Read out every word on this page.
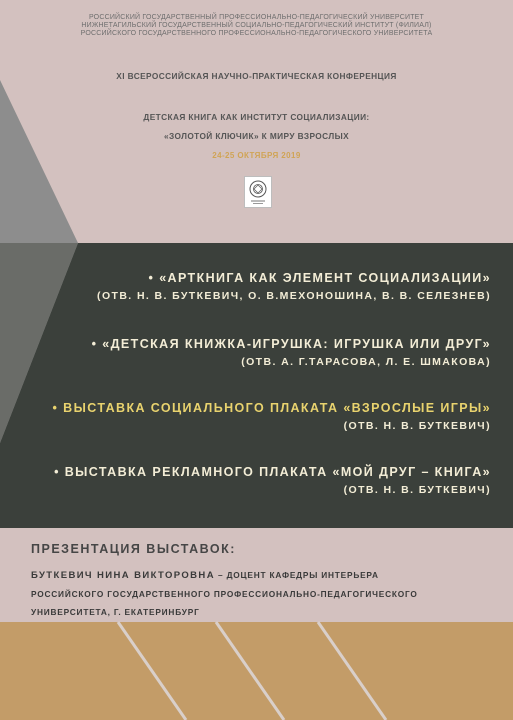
РОССИЙСКИЙ ГОСУДАРСТВЕННЫЙ ПРОФЕССИОНАЛЬНО-ПЕДАГОГИЧЕСКИЙ УНИВЕРСИТЕТ
НИЖНЕТАГИЛЬСКИЙ ГОСУДАРСТВЕННЫЙ СОЦИАЛЬНО-ПЕДАГОГИЧЕСКИЙ ИНСТИТУТ (ФИЛИАЛ)
РОССИЙСКОГО ГОСУДАРСТВЕННОГО ПРОФЕССИОНАЛЬНО-ПЕДАГОГИЧЕСКОГО УНИВЕРСИТЕТА
XI ВСЕРОССИЙСКАЯ НАУЧНО-ПРАКТИЧЕСКАЯ КОНФЕРЕНЦИЯ
ДЕТСКАЯ КНИГА КАК ИНСТИТУТ СОЦИАЛИЗАЦИИ:
«ЗОЛОТОЙ КЛЮЧИК» К МИРУ ВЗРОСЛЫХ
24-25 ОКТЯБРЯ 2019
• «АРТКНИГА КАК ЭЛЕМЕНТ СОЦИАЛИЗАЦИИ»
(ОТВ. Н. В. БУТКЕВИЧ, О. В.МЕХОНОШИНА, В. В. СЕЛЕЗНЕВ)
• «ДЕТСКАЯ КНИЖКА-ИГРУШКА: ИГРУШКА ИЛИ ДРУГ»
(ОТВ. А. Г.ТАРАСОВА, Л. Е. ШМАКОВА)
• ВЫСТАВКА СОЦИАЛЬНОГО ПЛАКАТА «ВЗРОСЛЫЕ ИГРЫ»
(ОТВ. Н. В. БУТКЕВИЧ)
• ВЫСТАВКА РЕКЛАМНОГО ПЛАКАТА «МОЙ ДРУГ – КНИГА»
(ОТВ. Н. В. БУТКЕВИЧ)
ПРЕЗЕНТАЦИЯ ВЫСТАВОК:
БУТКЕВИЧ НИНА ВИКТОРОВНА – ДОЦЕНТ КАФЕДРЫ ИНТЕРЬЕРА
РОССИЙСКОГО ГОСУДАРСТВЕННОГО ПРОФЕССИОНАЛЬНО-ПЕДАГОГИЧЕСКОГО
УНИВЕРСИТЕТА, Г. ЕКАТЕРИНБУРГ
